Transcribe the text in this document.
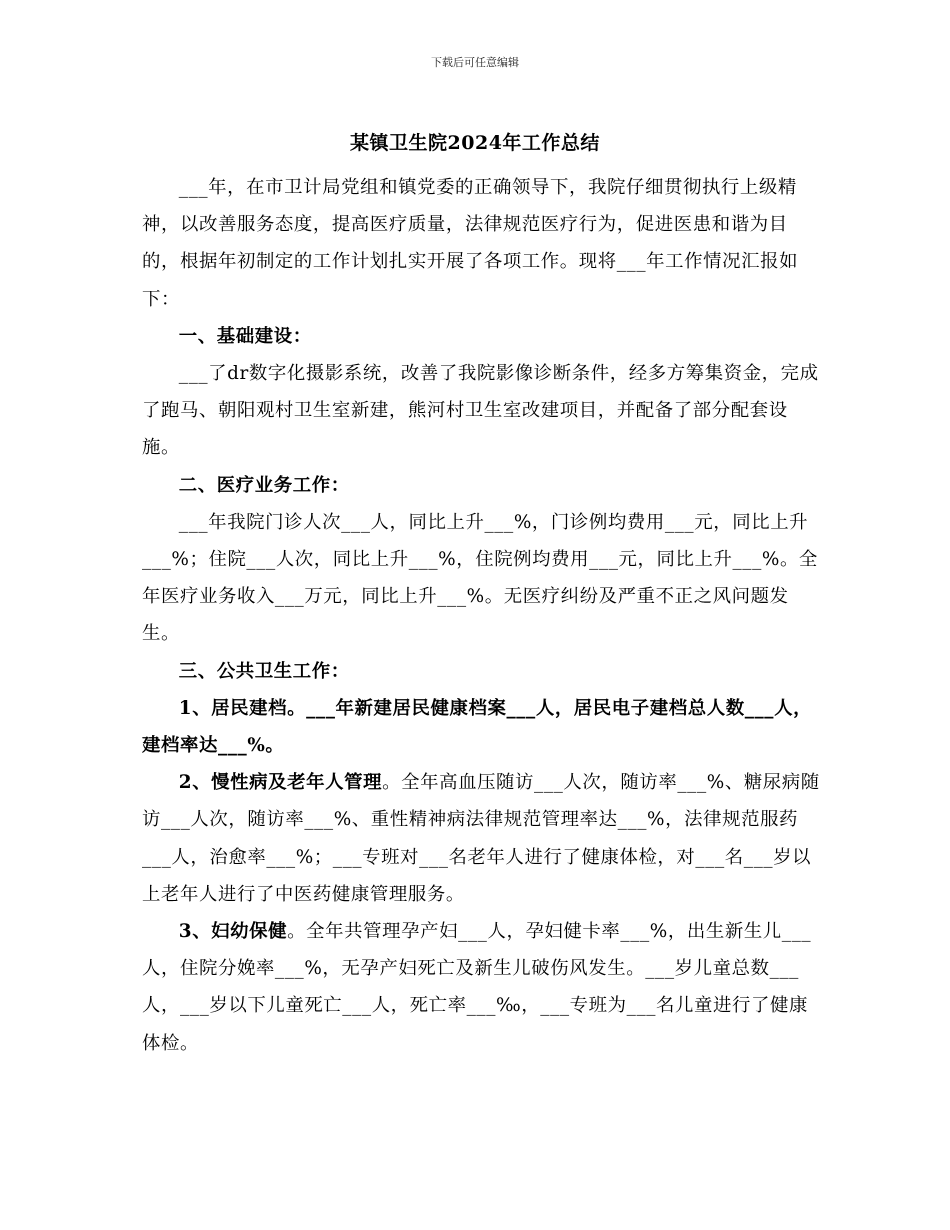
下载后可任意编辑
某镇卫生院2024年工作总结

___年，在市卫计局党组和镇党委的正确领导下，我院仔细贯彻执行上级精神，以改善服务态度，提高医疗质量，法律规范医疗行为，促进医患和谐为目的，根据年初制定的工作计划扎实开展了各项工作。现将___年工作情况汇报如下：

一、基础建设：

___了dr数字化摄影系统，改善了我院影像诊断条件，经多方筹集资金，完成了跑马、朝阳观村卫生室新建，熊河村卫生室改建项目，并配备了部分配套设施。

二、医疗业务工作：

___年我院门诊人次___人，同比上升___%，门诊例均费用___元，同比上升___%；住院___人次，同比上升___%，住院例均费用___元，同比上升___%。全年医疗业务收入___万元，同比上升___%。无医疗纠纷及严重不正之风问题发生。

三、公共卫生工作：

1、居民建档。___年新建居民健康档案___人，居民电子建档总人数___人，建档率达___%。

2、慢性病及老年人管理。全年高血压随访___人次，随访率___%、糖尿病随访___人次，随访率___%、重性精神病法律规范管理率达___%，法律规范服药___人，治愈率___%；___专班对___名老年人进行了健康体检，对___名___岁以上老年人进行了中医药健康管理服务。

3、妇幼保健。全年共管理孕产妇___人，孕妇健卡率___%，出生新生儿___人，住院分娩率___%，无孕产妇死亡及新生儿破伤风发生。___岁儿童总数___人，___岁以下儿童死亡___人，死亡率___‰，___专班为___名儿童进行了健康体检。
